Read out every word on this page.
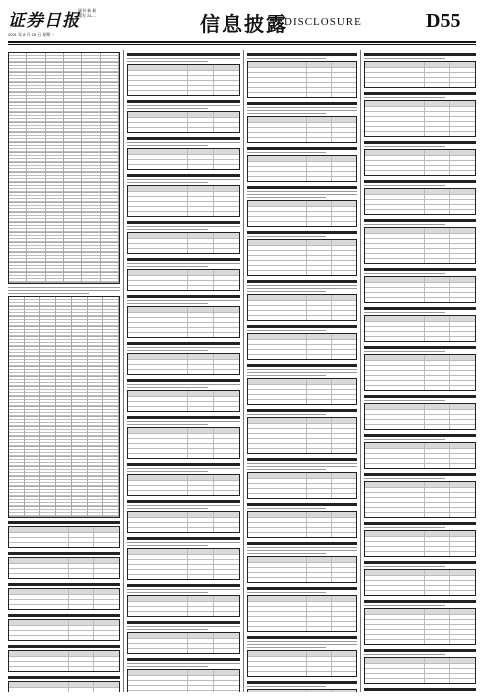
证券日报
副刊 新 新
邮发 21-...
2021 年 8 月 23 日 星期一	信息披露
DISCLOSURE	D55
